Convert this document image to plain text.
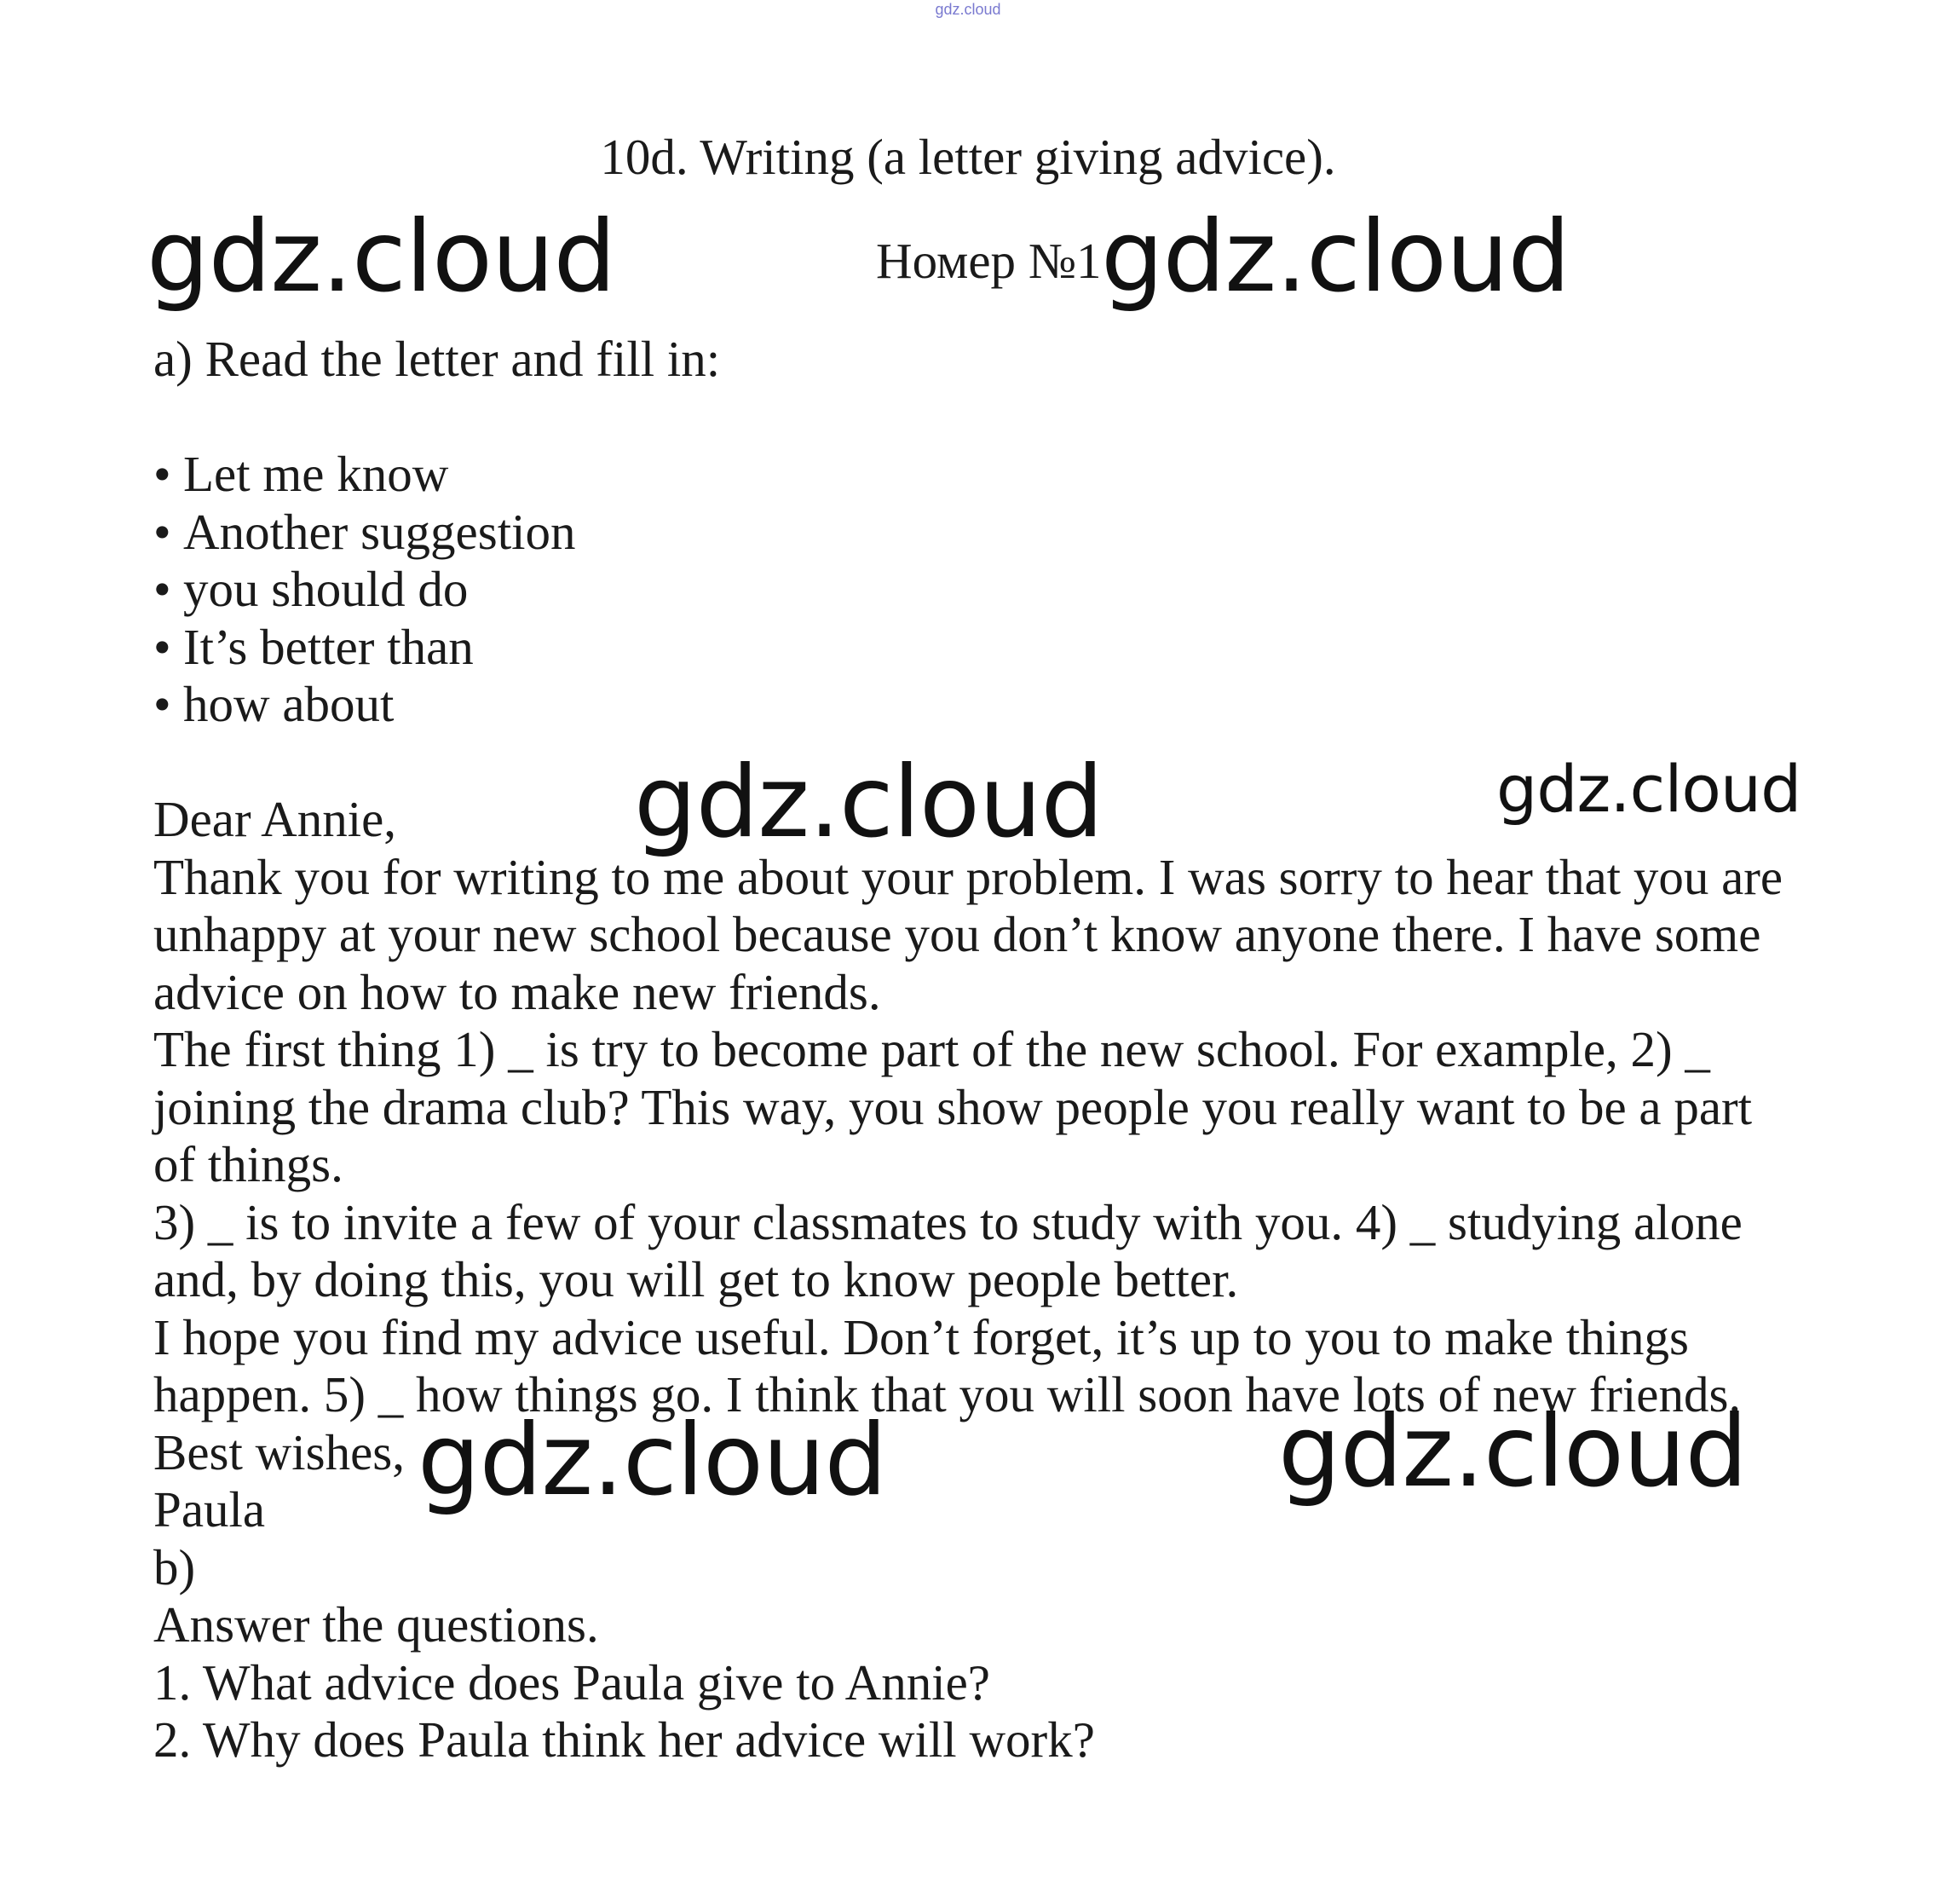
gdz.cloud
10d. Writing (a letter giving advice).
Номер №1
gdz.cloud	gdz.cloud
gdz.cloud	gdz.cloud
gdz.cloud	gdz.cloud

a) Read the letter and fill in:

• Let me know
• Another suggestion
• you should do
• It’s better than
• how about

Dear Annie,

Thank you for writing to me about your problem. I was sorry to hear that you are

unhappy at your new school because you don’t know anyone there. I have some

advice on how to make new friends.

The first thing 1) _ is try to become part of the new school. For example, 2) _

joining the drama club? This way, you show people you really want to be a part

of things.

3) _ is to invite a few of your classmates to study with you. 4) _ studying alone

and, by doing this, you will get to know people better.

I hope you find my advice useful. Don’t forget, it’s up to you to make things

happen. 5) _ how things go. I think that you will soon have lots of new friends.

Best wishes,

Paula

b)

Answer the questions.

1. What advice does Paula give to Annie?

2. Why does Paula think her advice will work?
